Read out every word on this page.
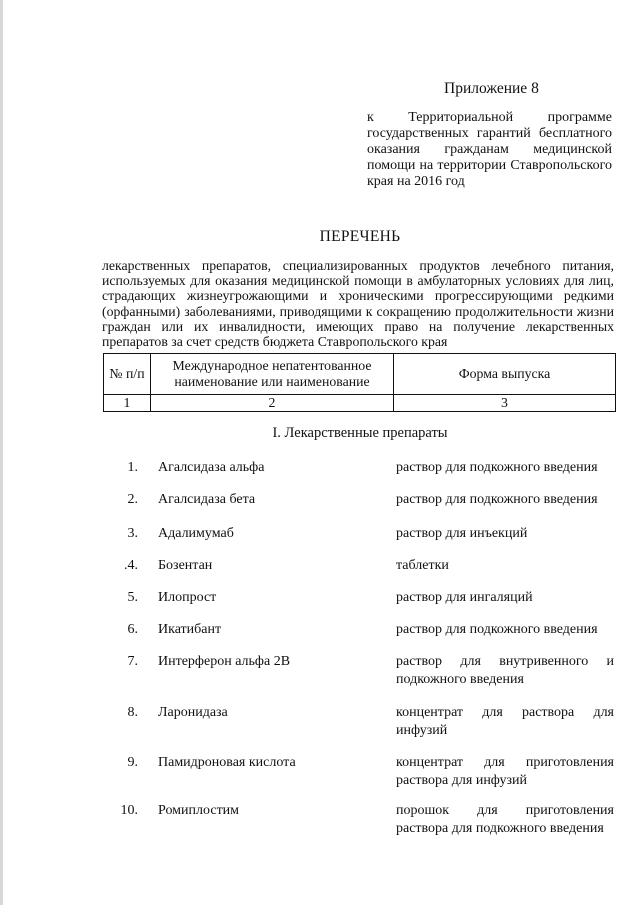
Приложение 8
к Территориальной программе государственных гарантий бесплатного оказания гражданам медицинской помощи на территории Ставропольского края на 2016 год
ПЕРЕЧЕНЬ
лекарственных препаратов, специализированных продуктов лечебного питания, используемых для оказания медицинской помощи в амбулаторных условиях для лиц, страдающих жизнеугрожающими и хроническими прогрессирующими редкими (орфанными) заболеваниями, приводящими к сокращению продолжительности жизни граждан или их инвалидности, имеющих право на получение лекарственных препаратов за счет средств бюджета Ставропольского края
№ п/п	Международное непатентованное наименование или наименование	Форма выпуска
1	2	3
I. Лекарственные препараты
1. Агалсидаза альфа	раствор для подкожного введения
2. Агалсидаза бета	раствор для подкожного введения
3. Адалимумаб	раствор для инъекций
.4. Бозентан	таблетки
5. Илопрост	раствор для ингаляций
6. Икатибант	раствор для подкожного введения
7. Интерферон альфа 2В	раствор для внутривенного и подкожного введения
8. Ларонидаза	концентрат для раствора для инфузий
9. Памидроновая кислота	концентрат для приготовления раствора для инфузий
10. Ромиплостим	порошок для приготовления раствора для подкожного введения
